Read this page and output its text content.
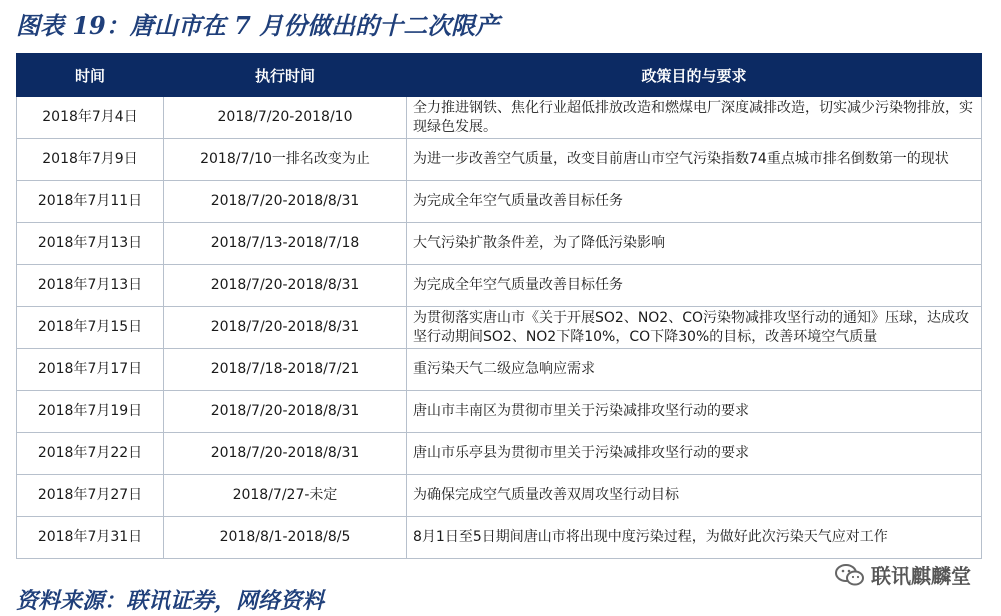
图表 19：唐山市在 7 月份做出的十二次限产
时间	执行时间	政策目的与要求
2018年7月4日	2018/7/20-2018/10	全力推进钢铁、焦化行业超低排放改造和燃煤电厂深度减排改造，切实减少污染物排放，实现绿色发展。
2018年7月9日	2018/7/10一排名改变为止	为进一步改善空气质量，改变目前唐山市空气污染指数74重点城市排名倒数第一的现状
2018年7月11日	2018/7/20-2018/8/31	为完成全年空气质量改善目标任务
2018年7月13日	2018/7/13-2018/7/18	大气污染扩散条件差，为了降低污染影响
2018年7月13日	2018/7/20-2018/8/31	为完成全年空气质量改善目标任务
2018年7月15日	2018/7/20-2018/8/31	为贯彻落实唐山市《关于开展SO2、NO2、CO污染物减排攻坚行动的通知》压球，达成攻坚行动期间SO2、NO2下降10%，CO下降30%的目标，改善环境空气质量
2018年7月17日	2018/7/18-2018/7/21	重污染天气二级应急响应需求
2018年7月19日	2018/7/20-2018/8/31	唐山市丰南区为贯彻市里关于污染减排攻坚行动的要求
2018年7月22日	2018/7/20-2018/8/31	唐山市乐亭县为贯彻市里关于污染减排攻坚行动的要求
2018年7月27日	2018/7/27-未定	为确保完成空气质量改善双周攻坚行动目标
2018年7月31日	2018/8/1-2018/8/5	8月1日至5日期间唐山市将出现中度污染过程，为做好此次污染天气应对工作
资料来源：联讯证券，网络资料
联讯麒麟堂
